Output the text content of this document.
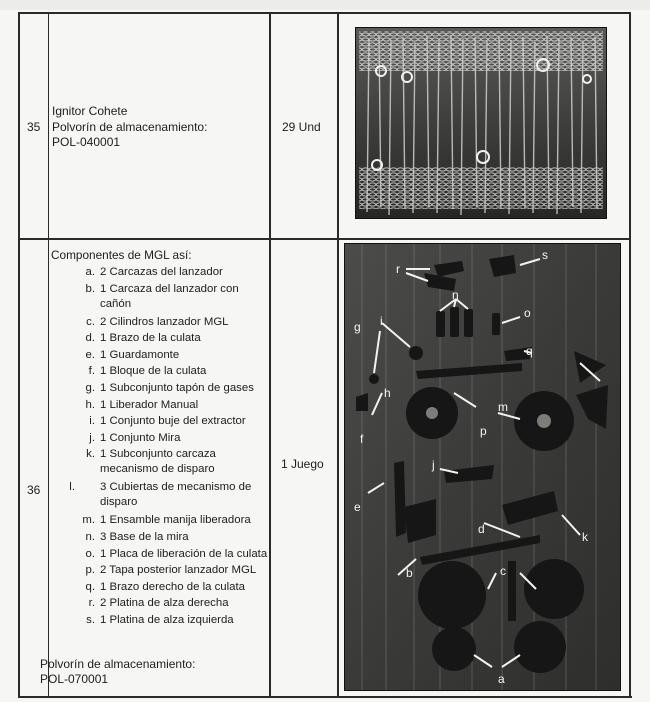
35
Ignitor Cohete
Polvorín de almacenamiento:
POL-040001
29 Und
36
Componentes de MGL así:
a. 2 Carcazas del lanzador
b. 1 Carcaza del lanzador con cañón
c. 2 Cilindros lanzador MGL
d. 1 Brazo de la culata
e. 1 Guardamonte
f. 1 Bloque de la culata
g. 1 Subconjunto tapón de gases
h. 1 Liberador Manual
i. 1 Conjunto buje del extractor
j. 1 Conjunto Mira
k. 1 Subconjunto carcaza mecanismo de disparo
l. 3 Cubiertas de mecanismo de disparo
m. 1 Ensamble manija liberadora
n. 3 Base de la mira
o. 1 Placa de liberación de la culata
p. 2 Tapa posterior lanzador MGL
q. 1 Brazo derecho de la culata
r. 2 Platina de alza derecha
s. 1 Platina de alza izquierda
Polvorín de almacenamiento:
POL-070001
1 Juego
r
s
n
o
g i
q
h
m
p
f
j
e
d
k
c
b
a
